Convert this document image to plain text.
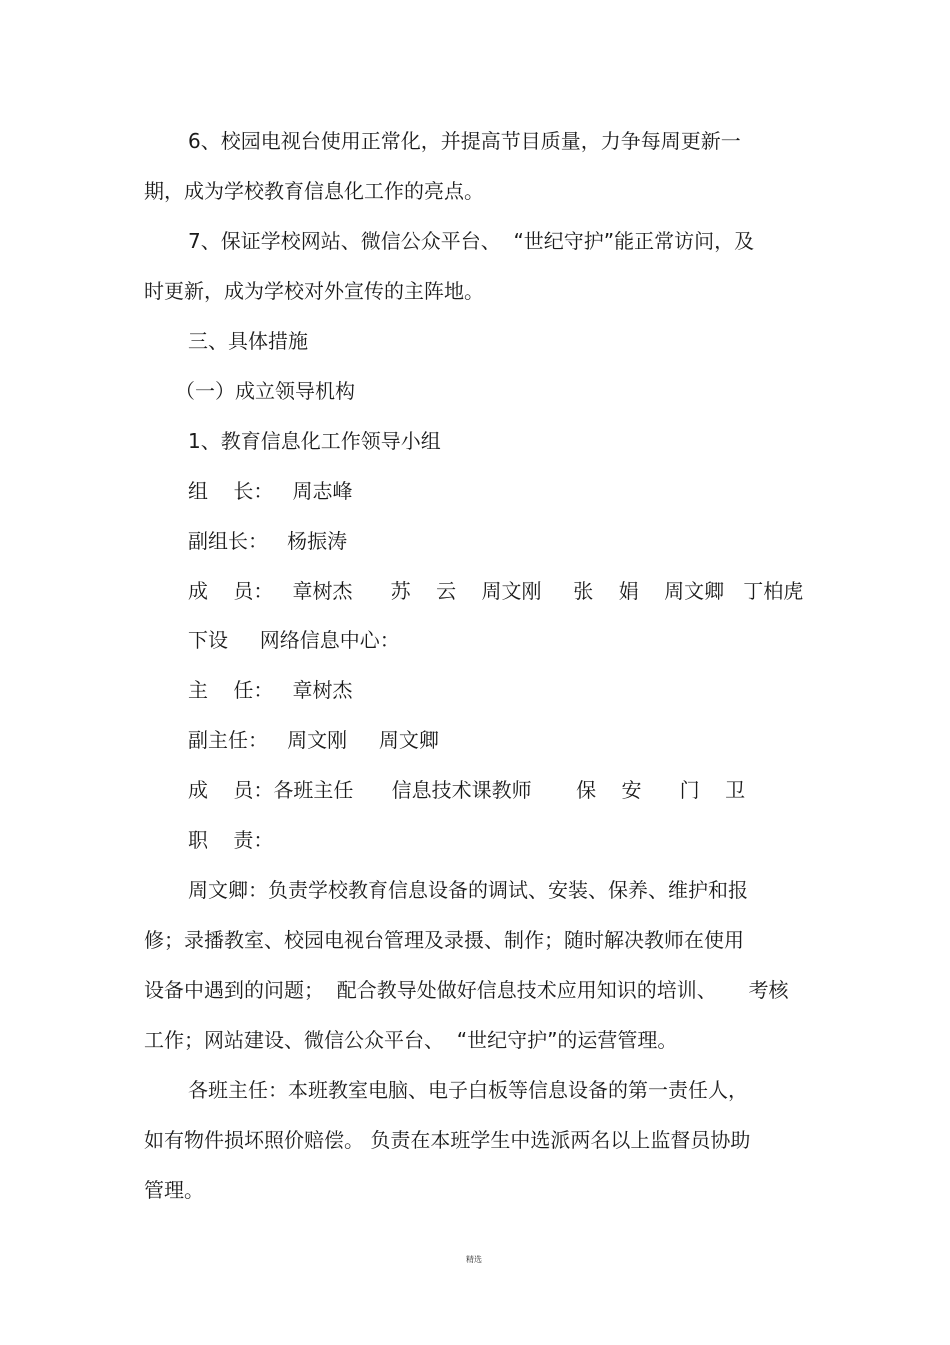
6、校园电视台使用正常化，并提高节目质量，力争每周更新一
期，成为学校教育信息化工作的亮点。
7、保证学校网站、微信公众平台、  “世纪守护”能正常访问，及
时更新，成为学校对外宣传的主阵地。
三、具体措施
（一）成立领导机构
1、教育信息化工作领导小组
组    长：   周志峰
副组长：   杨振涛
成    员：   章树杰      苏    云    周文刚     张    娟    周文卿   丁柏虎
下设     网络信息中心：
主    任：   章树杰
副主任：   周文刚     周文卿
成    员：各班主任      信息技术课教师       保    安      门    卫
职    责：
周文卿：负责学校教育信息设备的调试、安装、保养、维护和报
修；录播教室、校园电视台管理及录摄、制作；随时解决教师在使用
设备中遇到的问题；  配合教导处做好信息技术应用知识的培训、     考核
工作；网站建设、微信公众平台、  “世纪守护”的运营管理。
各班主任：本班教室电脑、电子白板等信息设备的第一责任人，
如有物件损坏照价赔偿。 负责在本班学生中选派两名以上监督员协助
管理。
精选
